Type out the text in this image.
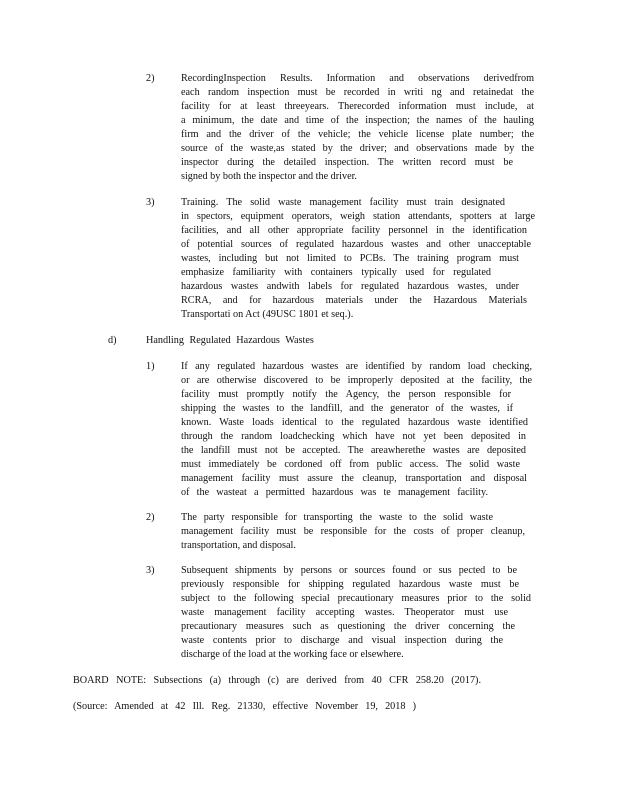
2)	RecordingInspection Results. Information and observations derivedfrom

each random inspection must be recorded in writi ng and retainedat the

facility for at least threeyears. Therecorded information must include, at

a minimum, the date and time of the inspection; the names of the hauling

firm and the driver of the vehicle; the vehicle license plate number; the

source of the waste,as stated by the driver; and observations made by the

inspector during the detailed inspection. The written record must be

signed by both the inspector and the driver.

3)	Training. The solid waste management facility must train designated

in spectors, equipment operators, weigh station attendants, spotters at large

facilities, and all other appropriate facility personnel in the identification

of potential sources of regulated hazardous wastes and other unacceptable

wastes, including but not limited to PCBs. The training program must

emphasize familiarity with containers typically used for regulated

hazardous wastes andwith labels for regulated hazardous wastes, under

RCRA, and for hazardous materials under the Hazardous Materials

Transportati on Act (49USC 1801 et seq.).

d)	Handling Regulated Hazardous Wastes

1)	If any regulated hazardous wastes are identified by random load checking,

or are otherwise discovered to be improperly deposited at the facility, the

facility must promptly notify the Agency, the person responsible for

shipping the wastes to the landfill, and the generator of the wastes, if

known. Waste loads identical to the regulated hazardous waste identified

through the random loadchecking which have not yet been deposited in

the landfill must not be accepted. The areawherethe wastes are deposited

must immediately be cordoned off from public access. The solid waste

management facility must assure the cleanup, transportation and disposal

of the wasteat a permitted hazardous was te management facility.

2)	The party responsible for transporting the waste to the solid waste

management facility must be responsible for the costs of proper cleanup,

transportation, and disposal.

3)	Subsequent shipments by persons or sources found or sus pected to be

previously responsible for shipping regulated hazardous waste must be

subject to the following special precautionary measures prior to the solid

waste management facility accepting wastes. Theoperator must use

precautionary measures such as questioning the driver concerning the

waste contents prior to discharge and visual inspection during the

discharge of the load at the working face or elsewhere.

BOARD NOTE: Subsections (a) through (c) are derived from 40 CFR 258.20 (2017).

(Source: Amended at 42 Ill. Reg. 21330, effective November 19, 2018 )
